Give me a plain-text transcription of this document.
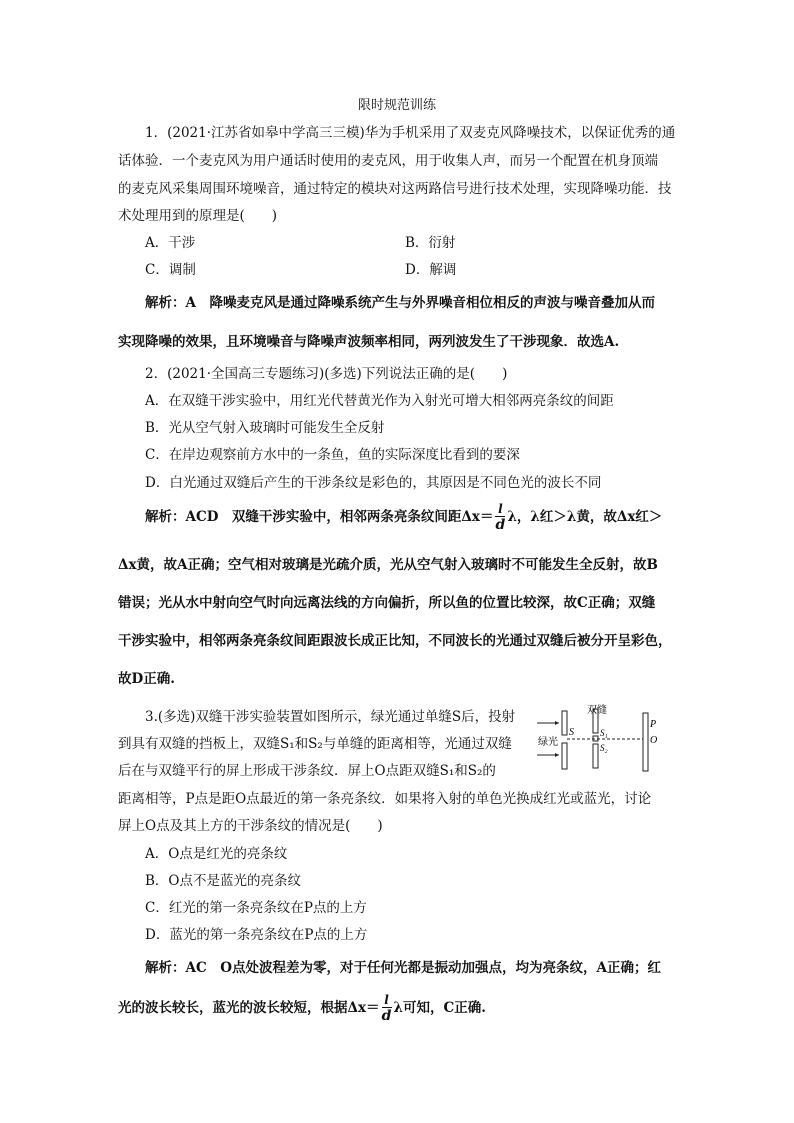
限时规范训练
1．(2021·江苏省如皋中学高三三模)华为手机采用了双麦克风降噪技术，以保证优秀的通
话体验．一个麦克风为用户通话时使用的麦克风，用于收集人声，而另一个配置在机身顶端
的麦克风采集周围环境噪音，通过特定的模块对这两路信号进行技术处理，实现降噪功能．技
术处理用到的原理是(　　)
A．干涉	B．衍射
C．调制	D．解调
解析：A　降噪麦克风是通过降噪系统产生与外界噪音相位相反的声波与噪音叠加从而
实现降噪的效果，且环境噪音与降噪声波频率相同，两列波发生了干涉现象．故选A.
2．(2021·全国高三专题练习)(多选)下列说法正确的是(　　)
A．在双缝干涉实验中，用红光代替黄光作为入射光可增大相邻两亮条纹的间距
B．光从空气射入玻璃时可能发生全反射
C．在岸边观察前方水中的一条鱼，鱼的实际深度比看到的要深
D．白光通过双缝后产生的干涉条纹是彩色的，其原因是不同色光的波长不同
解析：ACD　双缝干涉实验中，相邻两条亮条纹间距$\Delta x= \frac{l}{d}$ λ，λ红＞λ黄，故Δx红＞
Δx黄，故A正确；空气相对玻璃是光疏介质，光从空气射入玻璃时不可能发生全反射，故B
错误；光从水中射向空气时向远离法线的方向偏折，所以鱼的位置比较深，故C正确；双缝
干涉实验中，相邻两条亮条纹间距跟波长成正比知，不同波长的光通过双缝后被分开呈彩色，
故D正确.
3.(多选)双缝干涉实验装置如图所示，绿光通过单缝S后，投射
到具有双缝的挡板上，双缝S₁和S₂与单缝的距离相等，光通过双缝
后在与双缝平行的屏上形成干涉条纹．屏上O点距双缝S₁和S₂的
距离相等，P点是距O点最近的第一条亮条纹．如果将入射的单色光换成红光或蓝光，讨论
屏上O点及其上方的干涉条纹的情况是(　　)
双缝
绿光
S	S₁
S₂
P
O
A．O点是红光的亮条纹
B．O点不是蓝光的亮条纹
C．红光的第一条亮条纹在P点的上方
D．蓝光的第一条亮条纹在P点的上方
解析：AC　O点处波程差为零，对于任何光都是振动加强点，均为亮条纹，A正确；红
光的波长较长，蓝光的波长较短，根据$\Delta x= \frac{l}{d}$ λ可知，C正确.
